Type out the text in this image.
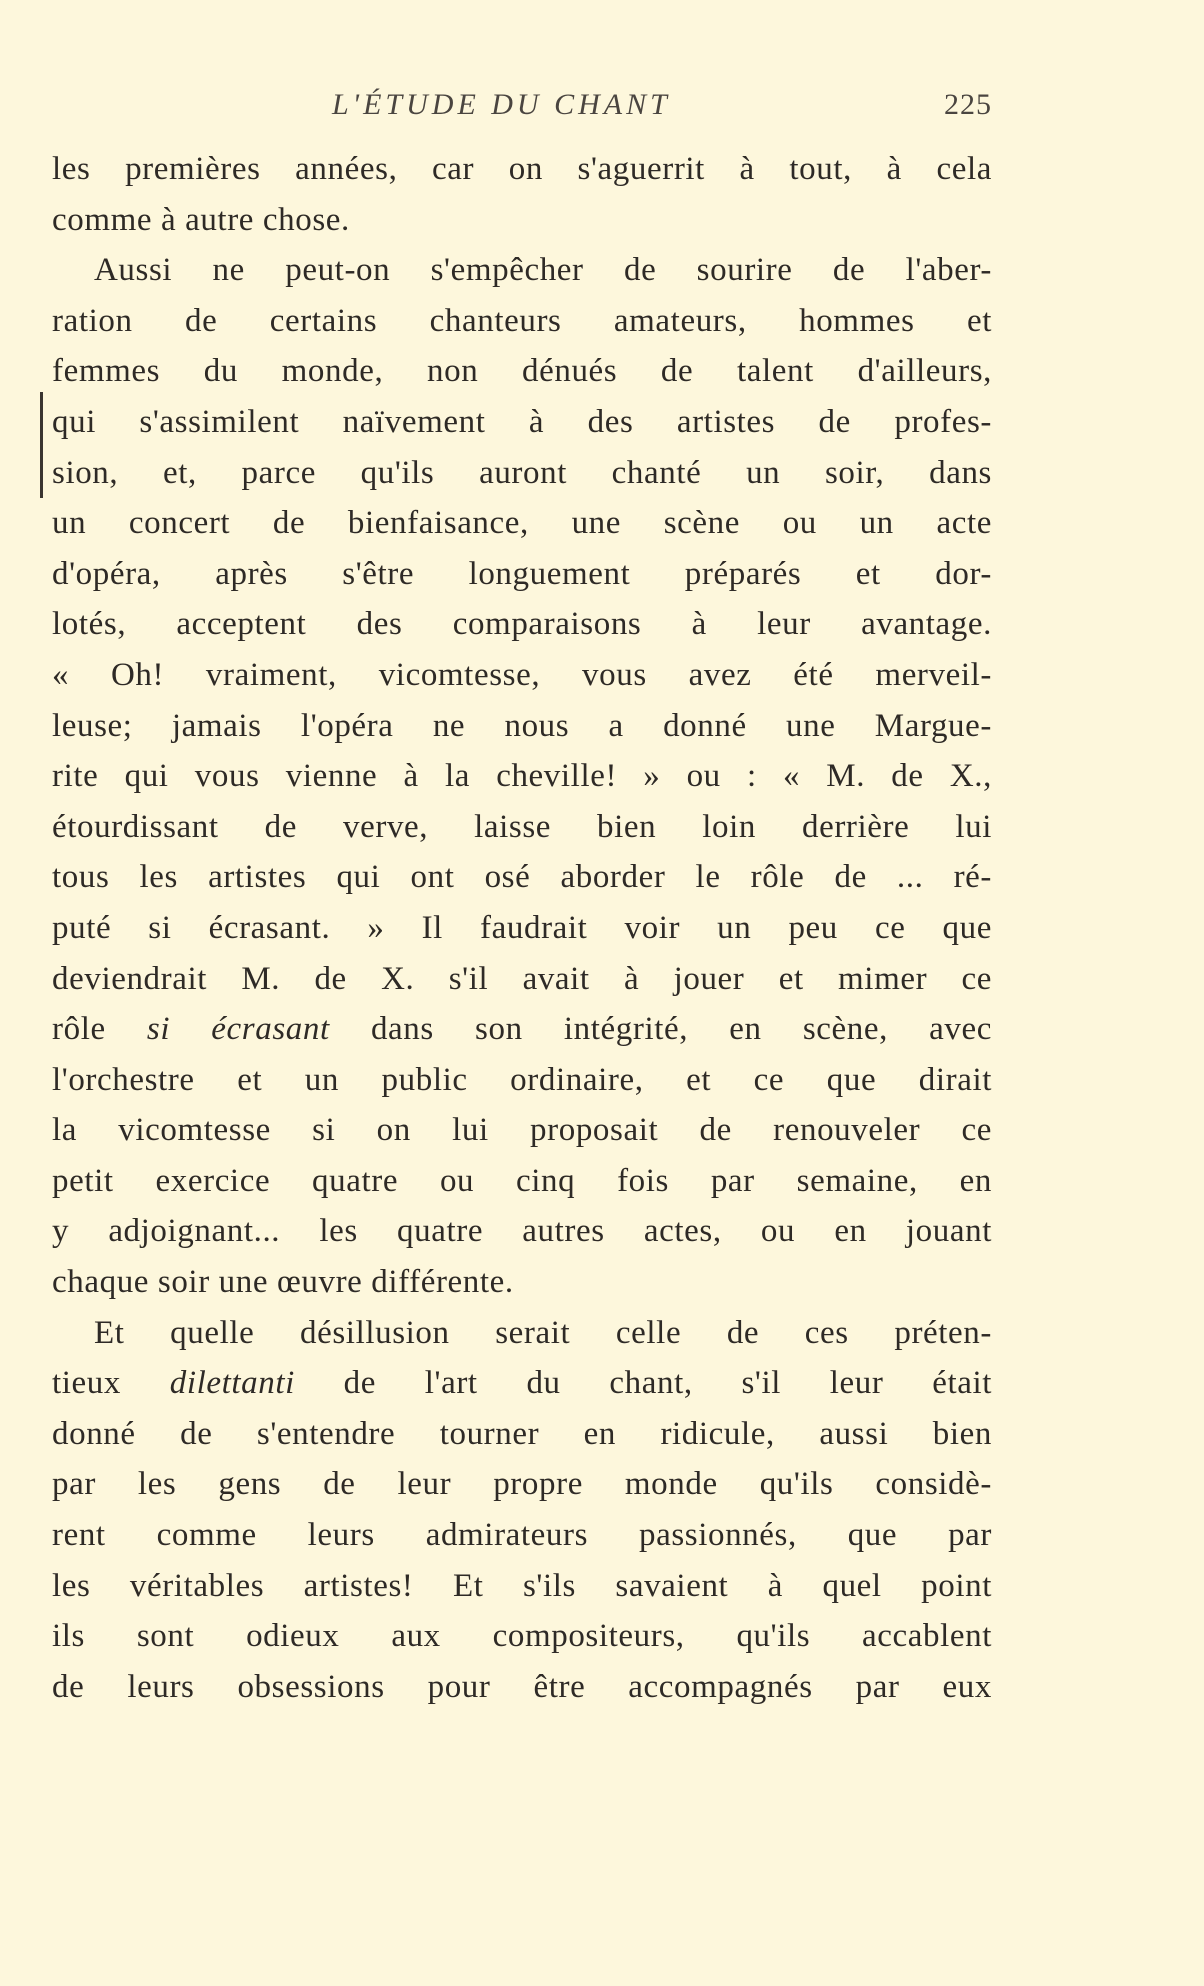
L'ÉTUDE DU CHANT	225
les premières années, car on s'aguerrit à tout, à cela
comme à autre chose.
Aussi ne peut-on s'empêcher de sourire de l'aber-
ration de certains chanteurs amateurs, hommes et
femmes du monde, non dénués de talent d'ailleurs,
qui s'assimilent naïvement à des artistes de profes-
sion, et, parce qu'ils auront chanté un soir, dans
un concert de bienfaisance, une scène ou un acte
d'opéra, après s'être longuement préparés et dor-
lotés, acceptent des comparaisons à leur avantage.
« Oh! vraiment, vicomtesse, vous avez été merveil-
leuse; jamais l'opéra ne nous a donné une Margue-
rite qui vous vienne à la cheville! » ou : « M. de X.,
étourdissant de verve, laisse bien loin derrière lui
tous les artistes qui ont osé aborder le rôle de ... ré-
puté si écrasant. » Il faudrait voir un peu ce que
deviendrait M. de X. s'il avait à jouer et mimer ce
rôle si écrasant dans son intégrité, en scène, avec
l'orchestre et un public ordinaire, et ce que dirait
la vicomtesse si on lui proposait de renouveler ce
petit exercice quatre ou cinq fois par semaine, en
y adjoignant... les quatre autres actes, ou en jouant
chaque soir une œuvre différente.
Et quelle désillusion serait celle de ces préten-
tieux dilettanti de l'art du chant, s'il leur était
donné de s'entendre tourner en ridicule, aussi bien
par les gens de leur propre monde qu'ils considè-
rent comme leurs admirateurs passionnés, que par
les véritables artistes! Et s'ils savaient à quel point
ils sont odieux aux compositeurs, qu'ils accablent
de leurs obsessions pour être accompagnés par eux
